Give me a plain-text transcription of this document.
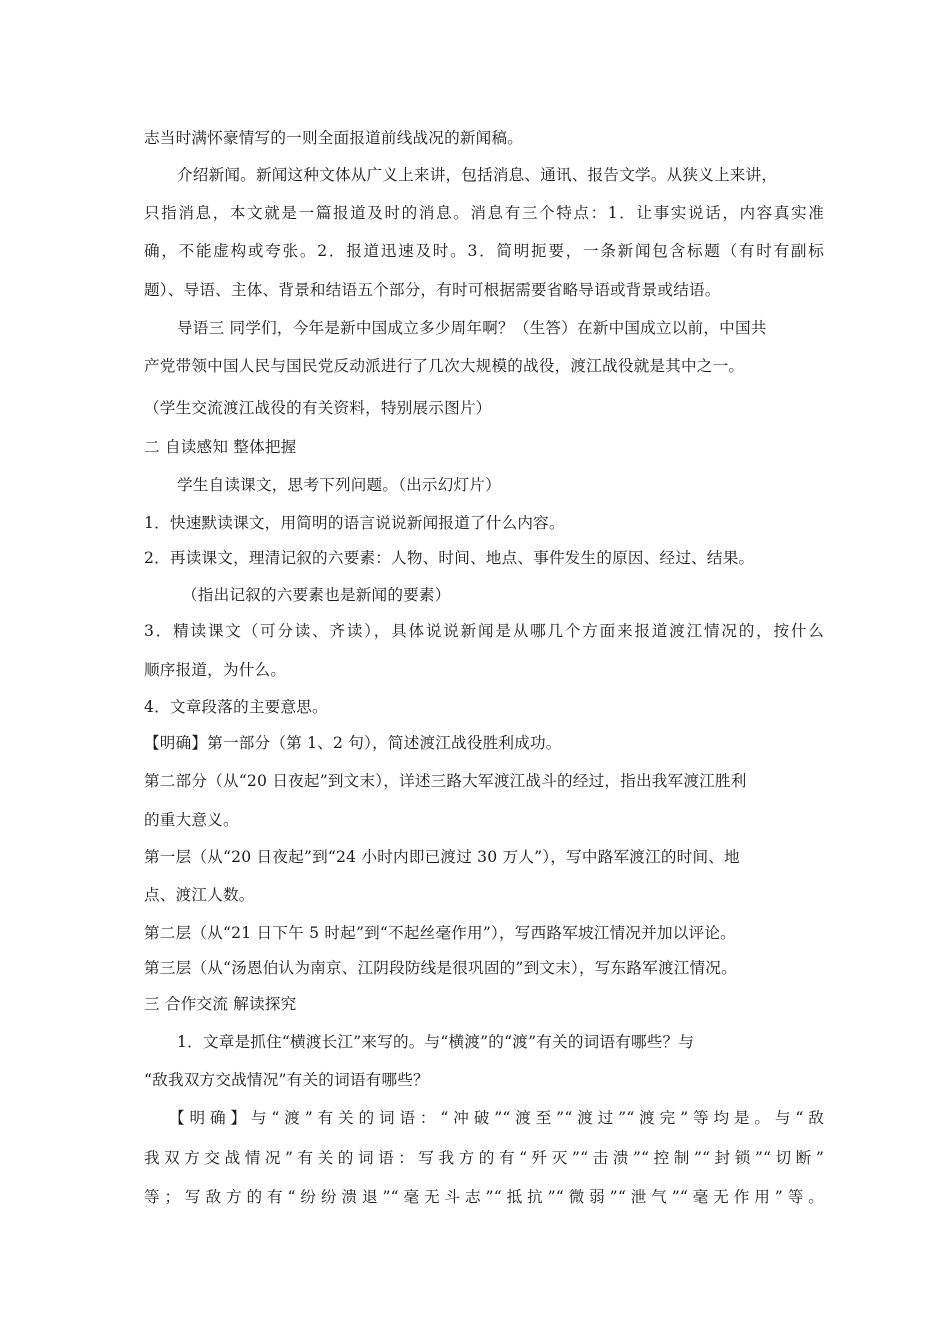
志当时满怀豪情写的一则全面报道前线战况的新闻稿。
介绍新闻。新闻这种文体从广义上来讲，包括消息、通讯、报告文学。从狭义上来讲，
只指消息，本文就是一篇报道及时的消息。消息有三个特点：1．让事实说话，内容真实准
确，不能虚构或夸张。2．报道迅速及时。3．简明扼要，一条新闻包含标题（有时有副标
题）、导语、主体、背景和结语五个部分，有时可根据需要省略导语或背景或结语。
导语三 同学们，今年是新中国成立多少周年啊？（生答）在新中国成立以前，中国共
产党带领中国人民与国民党反动派进行了几次大规模的战役，渡江战役就是其中之一。
（学生交流渡江战役的有关资料，特别展示图片）
二 自读感知 整体把握
学生自读课文，思考下列问题。（出示幻灯片）
1．快速默读课文，用简明的语言说说新闻报道了什么内容。
2．再读课文，理清记叙的六要素：人物、时间、地点、事件发生的原因、经过、结果。
（指出记叙的六要素也是新闻的要素）
3．精读课文（可分读、齐读），具体说说新闻是从哪几个方面来报道渡江情况的，按什么
顺序报道，为什么。
4．文章段落的主要意思。
【明确】第一部分（第 1、2 句），简述渡江战役胜利成功。
第二部分（从“20 日夜起”到文末），详述三路大军渡江战斗的经过，指出我军渡江胜利
的重大意义。
第一层（从“20 日夜起”到“24 小时内即已渡过 30 万人”），写中路军渡江的时间、地
点、渡江人数。
第二层（从“21 日下午 5 时起”到“不起丝毫作用”），写西路军坡江情况并加以评论。
第三层（从“汤恩伯认为南京、江阴段防线是很巩固的”到文末），写东路军渡江情况。
三 合作交流 解读探究
1．文章是抓住“横渡长江”来写的。与“横渡”的“渡”有关的词语有哪些？与
“敌我双方交战情况”有关的词语有哪些？
【明确】与“渡”有关的词语：“冲破”“渡至”“渡过”“渡完”等均是。与“敌
我双方交战情况”有关的词语：写我方的有“歼灭”“击溃”“控制”“封锁”“切断”
等；写敌方的有“纷纷溃退”“毫无斗志”“抵抗”“微弱”“泄气”“毫无作用”等。
